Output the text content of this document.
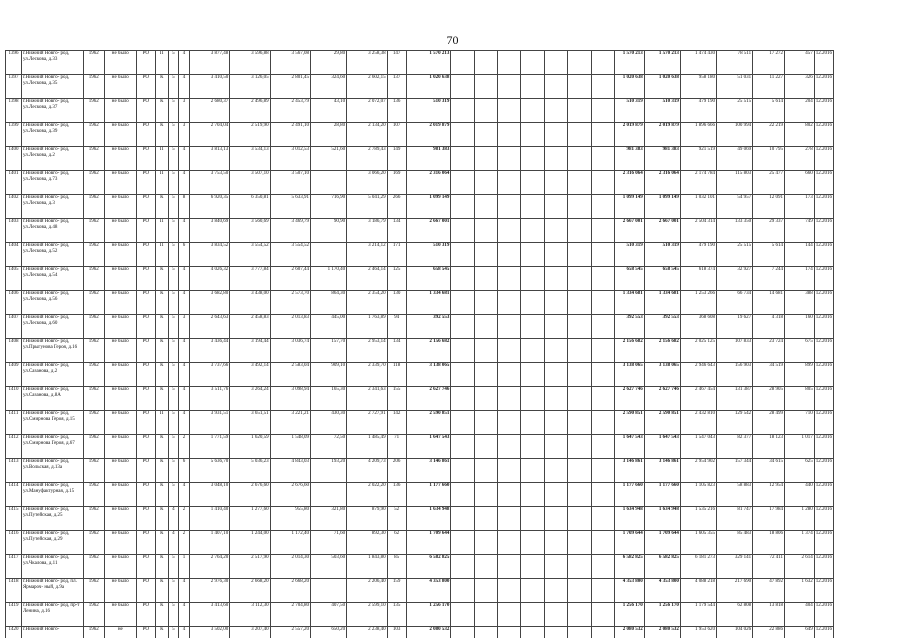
70
1396	г.Нижний Новго- род, ул.Лескова, д.33	1962	не было	РО	П	5	4	3 877,48	3 596,88	3 567,08	29,80	3 258,38	147	1 570 213								1 570 213	1 570 213	1 474 430	78 511	17 272	457	12.2016
1397	г.Нижний Новго- род, ул.Лескова, д.35	1962	не было	РО	К	5	4	3 410,50	3 126,05	2 801,45	324,60	2 602,15	137	1 020 638								1 020 638	1 020 638	958 180	51 031	11 227	326	12.2016
1398	г.Нижний Новго- род, ул.Лескова, д.37	1962	не было	РО	К	5	3	2 680,37	2 496,89	2 453,79	43,10	2 072,07	136	510 319								510 319	510 319	479 190	25 515	5 614	204	12.2016
1399	г.Нижний Новго- род, ул.Лескова, д.39	1962	не было	РО	К	5	3	2 704,04	2 519,90	2 491,10	28,80	2 134,20	107	2 019 879								2 019 879	2 019 879	1 896 666	100 994	22 219	802	12.2016
1400	г.Нижний Новго- род, ул.Лескова, д.2	1962	не было	РО	П	5	4	3 813,13	3 534,13	3 012,53	521,60	2 789,43	149	981 383								981 383	981 383	921 519	49 069	10 795	278	12.2016
1401	г.Нижний Новго- род, ул.Лескова, д.73	1962	не было	РО	П	5	4	3 753,50	3 507,10	3 507,10		3 066,20	169	2 316 064								2 316 064	2 316 064	2 174 784	115 803	25 477	660	12.2016
1402	г.Нижний Новго- род, ул.Лескова, д.3	1962	не было	РО	К	5	8	6 920,35	6 350,81	5 633,91	716,90	5 041,29	266	1 099 149								1 099 149	1 099 149	1 032 101	54 957	12 091	173	12.2016
1403	г.Нижний Новго- род, ул.Лескова, д.48	1962	не было	РО	П	5	4	3 840,69	3 560,69	3 469,79	90,90	3 186,79	134	2 667 001								2 667 001	2 667 001	2 504 314	133 350	29 337	749	12.2016
1404	г.Нижний Новго- род, ул.Лескова, д.52	1962	не было	РО	П	5	6	3 834,52	3 554,52	3 554,52		3 214,12	171	510 319								510 319	510 319	479 190	25 515	5 614	144	12.2016
1405	г.Нижний Новго- род, ул.Лескова, д.54	1962	не было	РО	К	5	4	4 026,32	3 777,84	2 607,44	1 170,40	2 464,14	125	658 545								658 545	658 545	618 374	32 927	7 244	174	12.2016
1406	г.Нижний Новго- род, ул.Лескова, д.56	1962	не было	РО	К	5	4	3 682,80	3 438,00	2 573,70	864,30	2 354,20	130	1 334 681								1 334 681	1 334 681	1 253 266	66 734	14 681	388	12.2016
1407	г.Нижний Новго- род, ул.Лескова, д.60	1962	не было	РО	К	5	3	2 643,63	2 458,83	2 013,83	445,00	1 763,89	94	392 553								392 553	392 553	368 608	19 627	4 318	160	12.2016
1408	г.Нижний Новго- род, ул.Прыгунова Героя, д.16	1962	не было	РО	К	5	4	3 436,44	3 194,44	3 036,74	157,70	2 953,14	134	2 156 682								2 156 682	2 156 682	2 025 125	107 833	23 724	675	12.2016
1409	г.Нижний Новго- род, ул.Сазанова, д.2	1962	не было	РО	К	5	4	3 737,66	3 492,14	2 583,04	909,10	2 339,70	118	3 138 065								3 138 065	3 138 065	2 946 643	156 903	34 519	899	12.2016
1410	г.Нижний Новго- род, ул.Сазанова, д.8А	1962	не было	РО	К	5	4	3 511,76	3 264,24	3 098,94	165,30	2 341,63	155	2 627 746								2 627 746	2 627 746	2 467 454	131 387	28 905	805	12.2016
1411	г.Нижний Новго- род, ул.Смирнова Героя, д.15	1962	не было	РО	П	5	4	3 931,51	3 651,51	3 221,21	430,30	2 727,91	142	2 590 851								2 590 851	2 590 851	2 432 810	129 542	28 499	710	12.2016
1412	г.Нижний Новго- род, ул.Смирнова Героя, д.67	1962	не было	РО	К	5	2	1 771,59	1 620,59	1 548,09	72,50	1 485,49	71	1 647 543								1 647 543	1 647 543	1 547 043	82 377	18 123	1 017	12.2016
1413	г.Нижний Новго- род, ул.Вольская, д.13а	1962	не было	РО	К	5	6	5 636,70	5 036,23	4 843,03	193,20	4 209,73	206	3 146 861								3 146 861	3 146 861	2 954 902	157 344	34 615	625	12.2016
1414	г.Нижний Новго- род, ул.Мануфактурная, д.15	1962	не было	РО	К	5	4	3 048,10	2 676,60	2 676,60		2 022,20	136	1 177 660								1 177 660	1 177 660	1 105 823	58 883	12 954	440	12.2016
1415	г.Нижний Новго- род, ул.Путейская, д.25	1962	не было	РО	К	4	2	1 410,40	1 277,60	955,80	321,80	879,90	52	1 634 948								1 634 948	1 634 948	1 535 216	81 747	17 984	1 280	12.2016
1416	г.Нижний Новго- род, ул.Путейская, д.29	1962	не было	РО	К	4	2	1 407,10	1 244,00	1 172,40	71,60	892,30	62	1 709 644								1 709 644	1 709 644	1 605 355	85 483	18 806	1 374	12.2016
1417	г.Нижний Новго- род, ул.Чкалова, д.11	1962	не было	РО	К	5	1	2 764,20	2 517,90	2 014,30	503,60	1 843,80	85	6 582 825								6 582 825	6 582 825	6 181 273	329 141	72 411	2 614	12.2016
1418	г.Нижний Новго- род, пл. Ярмароч- ный, д.9а	1962	не было	РО	К	5	4	2 976,30	2 668,20	2 668,20		2 206,40	159	4 353 800								4 353 800	4 353 800	4 088 218	217 690	47 892	1 632	12.2016
1419	г.Нижний Новго- род, пр-т Ленина, д.16	1962	не было	РО	К	5	4	3 413,60	3 112,30	2 704,80	407,50	2 599,10	135	1 256 170								1 256 170	1 256 170	1 179 544	62 808	13 818	404	12.2016
1420	г.Нижний Новго-	1962	не	РО	К	5	4	3 502,00	3 207,40	2 557,20	650,20	2 238,40	103	2 080 532								2 080 532	2 080 532	1 953 620	104 026	22 886	649	12.2016
